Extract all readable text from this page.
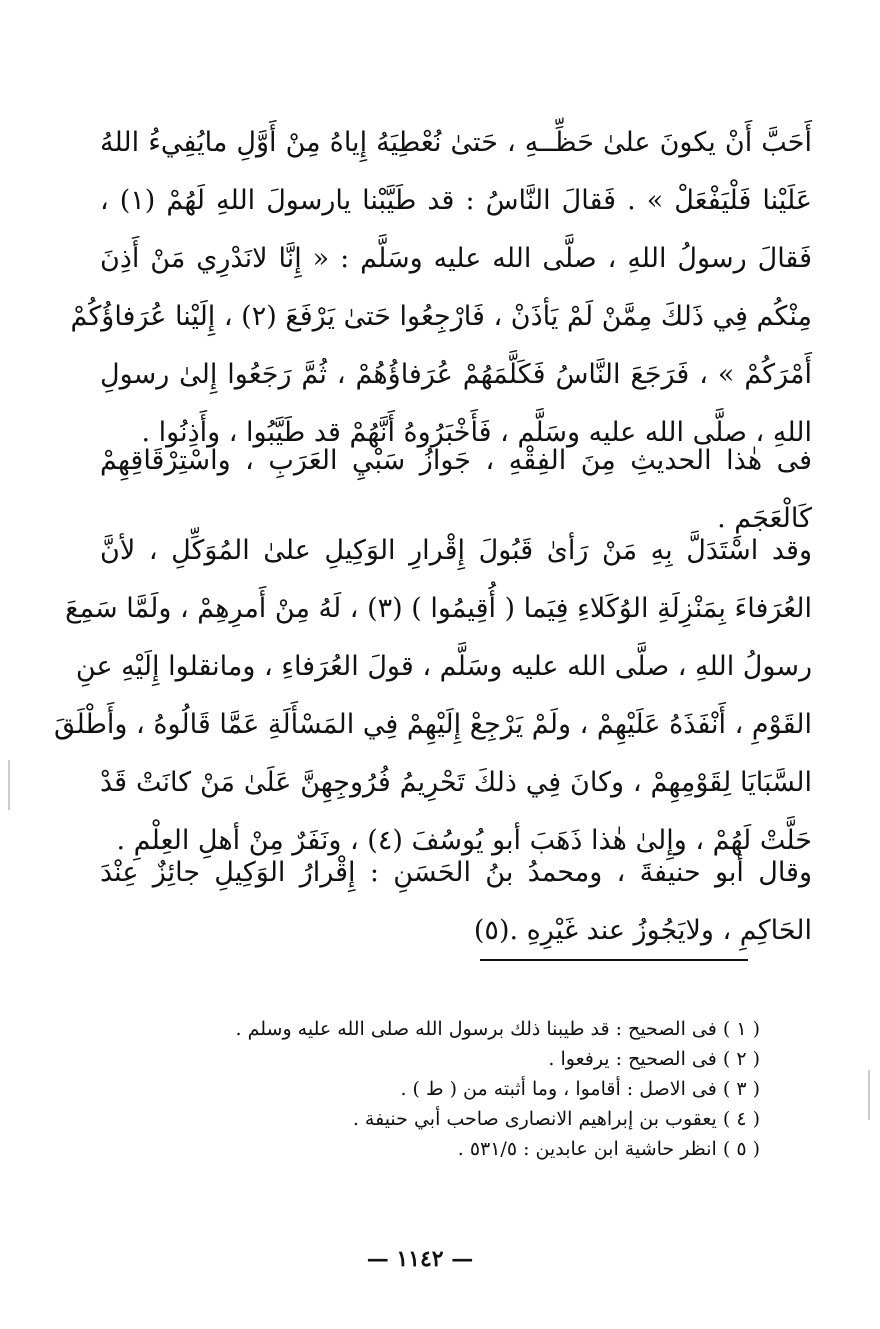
أَحَبَّ أَنْ يكونَ علىٰ حَظِّــهِ ، حَتىٰ نُعْطِيَهُ إِياهُ مِنْ أَوَّلِ مايُفِيءُ اللهُ
عَلَيْنا فَلْيَفْعَلْ » . فَقالَ النَّاسُ : قد طَيَّبْنا يارسولَ اللهِ لَهُمْ (١) ،
فَقالَ رسولُ اللهِ ، صلَّى الله عليه وسَلَّم : « إِنَّا لانَدْرِي مَنْ أَذِنَ
مِنْكُم فِي ذَلكَ مِمَّنْ لَمْ يَأذَنْ ، فَارْجِعُوا حَتىٰ يَرْفَعَ (٢) ، إِلَيْنا عُرَفاؤُكُمْ
أَمْرَكُمْ » ، فَرَجَعَ النَّاسُ فَكَلَّمَهُمْ عُرَفاؤُهُمْ ، ثُمَّ رَجَعُوا إِلىٰ رسولِ
اللهِ ، صلَّى الله عليه وسَلَّم ، فَأَخْبَرُوهُ أَنَّهُمْ قد طَيَّبُوا ، وأَذِنُوا .
فى هٰذا الحديثِ مِنَ الفِقْهِ ، جَوازُ سَبْيِ العَرَبِ ، واسْتِرْقَاقِهِمْ
كَالْعَجَمِ .
وقد اسْتَدَلَّ بِهِ مَنْ رَأىٰ قَبُولَ إِقْرارِ الوَكِيلِ علىٰ المُوَكِّلِ ، لأنَّ
العُرَفاءَ بِمَنْزِلَةِ الوُكَلاءِ فِيَما ( أُقِيمُوا ) (٣) ، لَهُ مِنْ أَمرِهِمْ ، ولَمَّا سَمِعَ
رسولُ اللهِ ، صلَّى الله عليه وسَلَّم ، قولَ العُرَفاءِ ، ومانقلوا إِلَيْهِ عنِ
القَوْمِ ، أَنْفَذَهُ عَلَيْهِمْ ، ولَمْ يَرْجِعْ إِلَيْهِمْ فِي المَسْأَلَةِ عَمَّا قَالُوهُ ، وأَطْلَقَ
السَّبَايَا لِقَوْمِهِمْ ، وكانَ فِي ذلكَ تَحْرِيمُ فُرُوجِهِنَّ عَلَىٰ مَنْ كانَتْ قَدْ
حَلَّتْ لَهُمْ ، وإِلىٰ هٰذا ذَهَبَ أبو يُوسُفَ (٤) ، ونَفَرٌ مِنْ أهلِ العِلْمِ .
وقال أبو حنيفةَ ، ومحمدُ بنُ الحَسَنِ : إِقْرارُ الوَكِيلِ جائِزٌ عِنْدَ
الحَاكِمِ ، ولايَجُوزُ عند غَيْرِهِ .(٥)
( ١ ) فى الصحيح : قد طيبنا ذلك برسول الله صلى الله عليه وسلم .
( ٢ ) فى الصحيح : يرفعوا .
( ٣ ) فى الاصل : أقاموا ، وما أثبته من ( ط ) .
( ٤ ) يعقوب بن إبراهيم الانصارى صاحب أبي حنيفة .
( ٥ ) انظر حاشية ابن عابدين : ٥٣١/٥ .
— ١١٤٢ —
